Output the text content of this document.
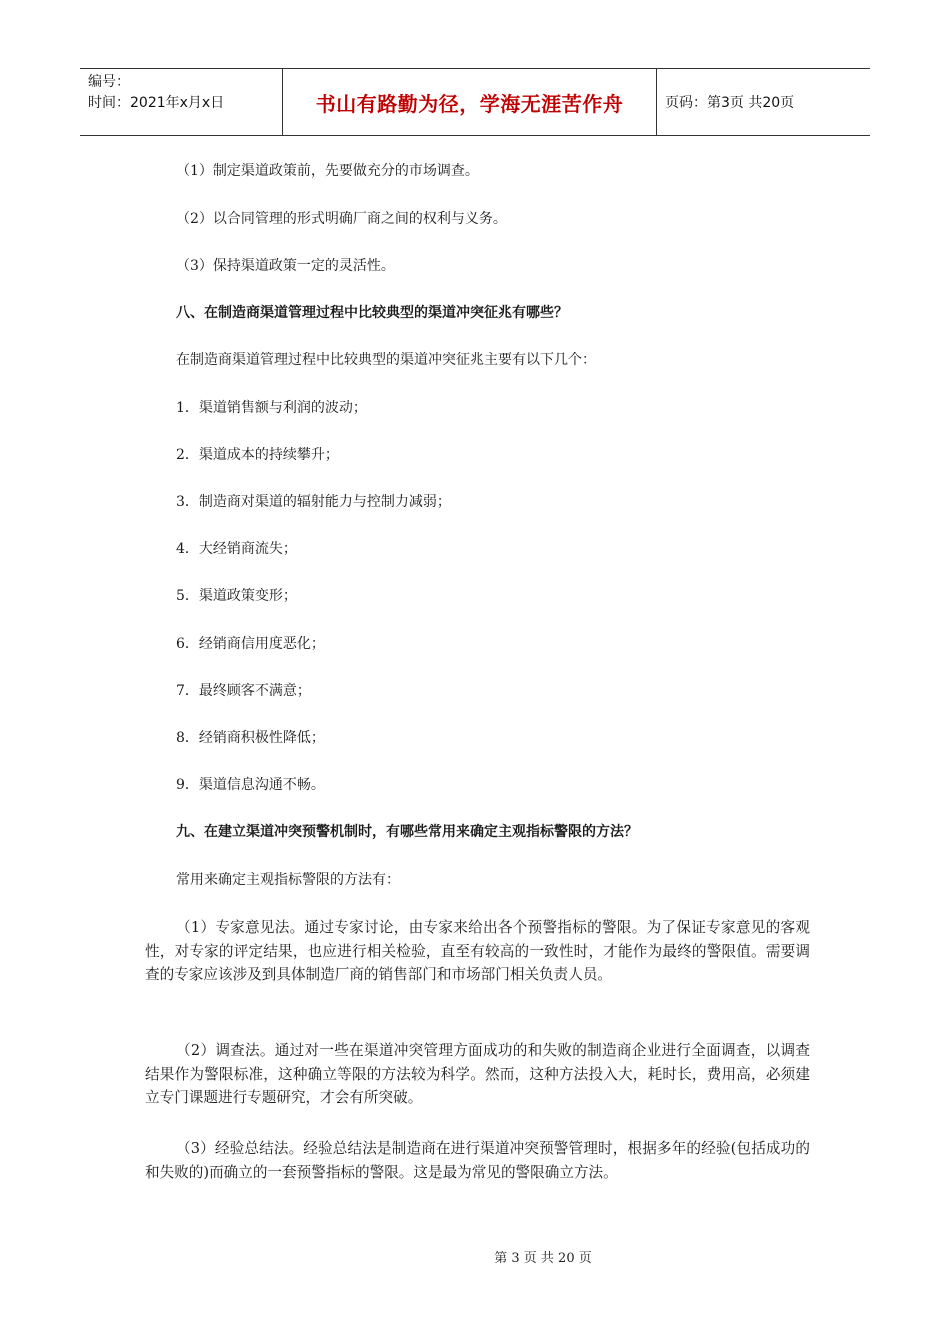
编号：
时间：2021年x月x日	书山有路勤为径，学海无涯苦作舟	页码：第3页 共20页
（1）制定渠道政策前，先要做充分的市场调查。
（2）以合同管理的形式明确厂商之间的权利与义务。
（3）保持渠道政策一定的灵活性。
八、在制造商渠道管理过程中比较典型的渠道冲突征兆有哪些？
在制造商渠道管理过程中比较典型的渠道冲突征兆主要有以下几个：
1．渠道销售额与利润的波动；
2．渠道成本的持续攀升；
3．制造商对渠道的辐射能力与控制力减弱；
4．大经销商流失；
5．渠道政策变形；
6．经销商信用度恶化；
7．最终顾客不满意；
8．经销商积极性降低；
9．渠道信息沟通不畅。
九、在建立渠道冲突预警机制时，有哪些常用来确定主观指标警限的方法？
常用来确定主观指标警限的方法有：
（1）专家意见法。通过专家讨论，由专家来给出各个预警指标的警限。为了保证专家意见的客观性，对专家的评定结果，也应进行相关检验，直至有较高的一致性时，才能作为最终的警限值。需要调查的专家应该涉及到具体制造厂商的销售部门和市场部门相关负责人员。
（2）调查法。通过对一些在渠道冲突管理方面成功的和失败的制造商企业进行全面调查，以调查结果作为警限标准，这种确立等限的方法较为科学。然而，这种方法投入大，耗时长，费用高，必须建立专门课题进行专题研究，才会有所突破。
（3）经验总结法。经验总结法是制造商在进行渠道冲突预警管理时，根据多年的经验(包括成功的和失败的)而确立的一套预警指标的警限。这是最为常见的警限确立方法。
第 3 页 共 20 页
